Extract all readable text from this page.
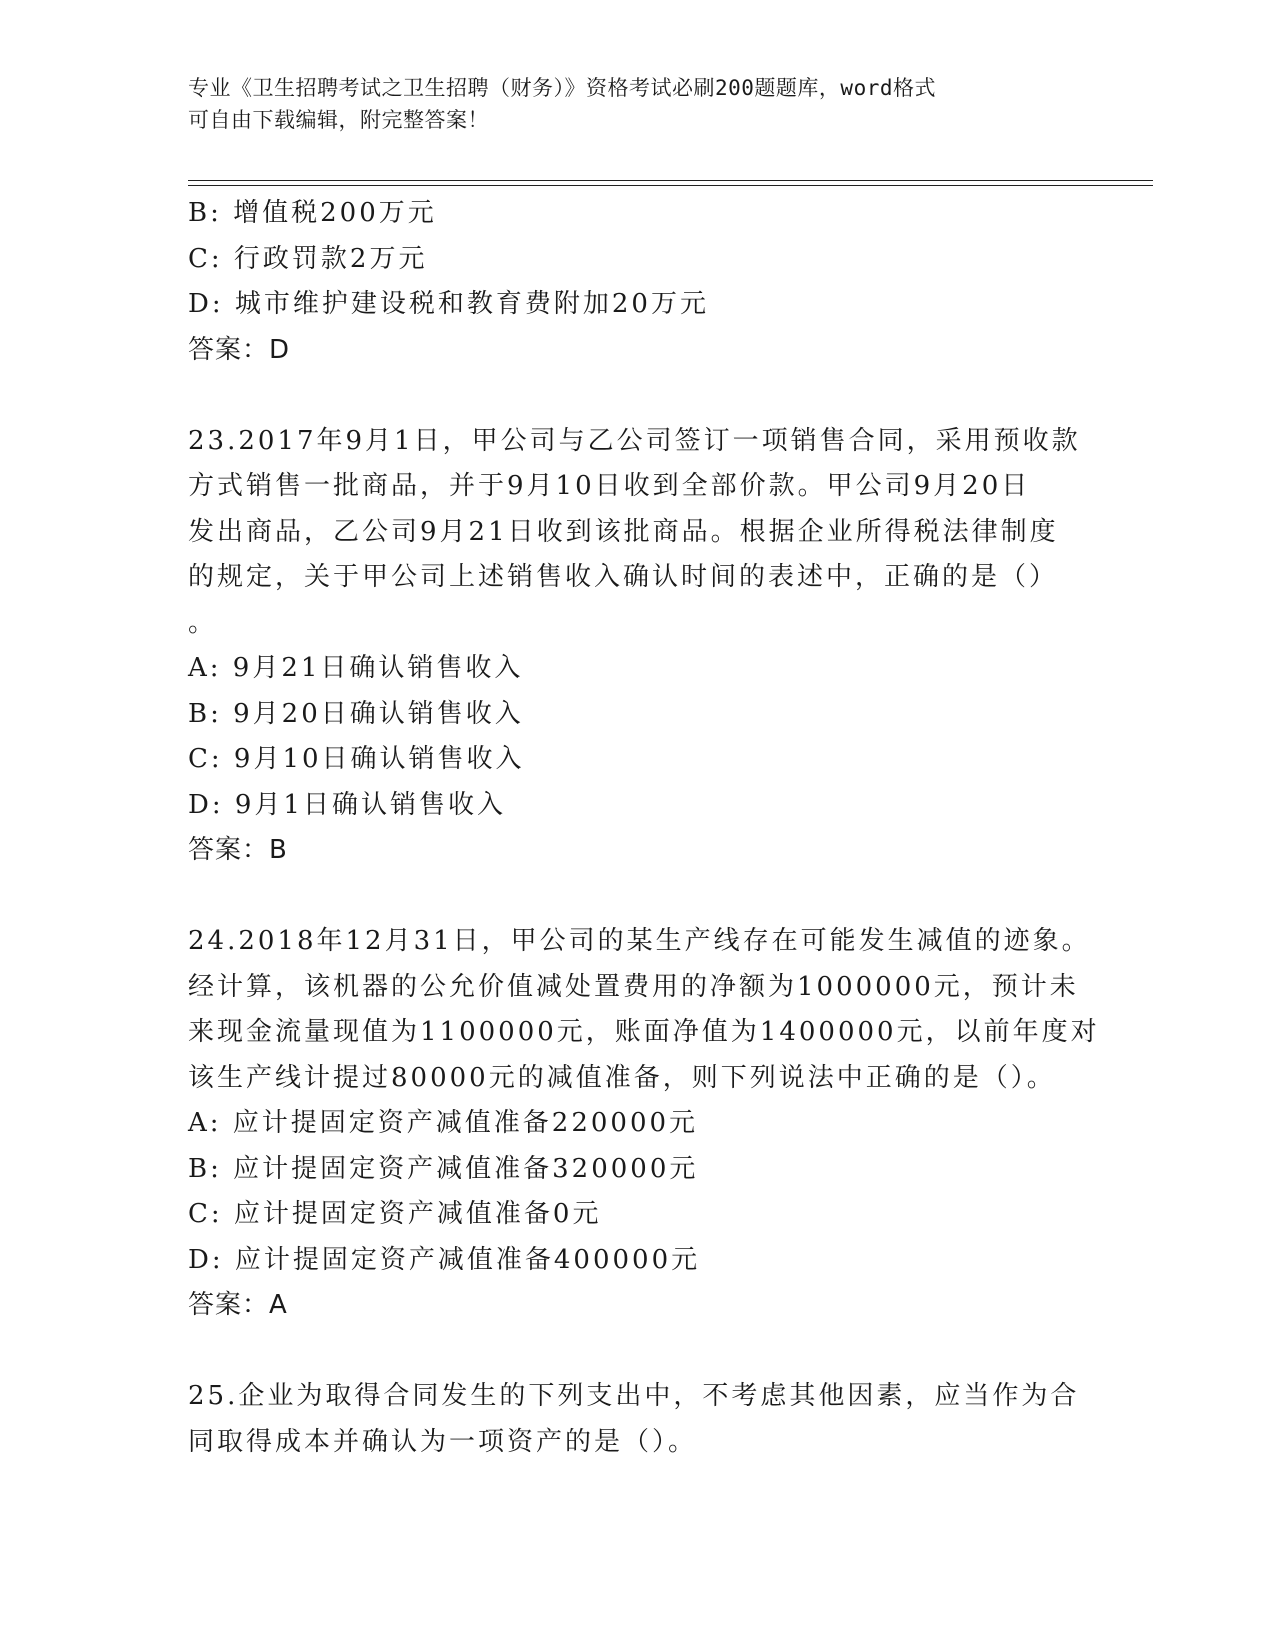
专业《卫生招聘考试之卫生招聘（财务）》资格考试必刷200题题库，word格式
可自由下载编辑，附完整答案！
B: 增值税200万元
C: 行政罚款2万元
D: 城市维护建设税和教育费附加20万元
答案：D
23.2017年9月1日，甲公司与乙公司签订一项销售合同，采用预收款
方式销售一批商品，并于9月10日收到全部价款。甲公司9月20日
发出商品，乙公司9月21日收到该批商品。根据企业所得税法律制度
的规定，关于甲公司上述销售收入确认时间的表述中，正确的是（）
。
A: 9月21日确认销售收入
B: 9月20日确认销售收入
C: 9月10日确认销售收入
D: 9月1日确认销售收入
答案：B
24.2018年12月31日，甲公司的某生产线存在可能发生减值的迹象。
经计算，该机器的公允价值减处置费用的净额为1000000元，预计未
来现金流量现值为1100000元，账面净值为1400000元，以前年度对
该生产线计提过80000元的减值准备，则下列说法中正确的是（）。
A: 应计提固定资产减值准备220000元
B: 应计提固定资产减值准备320000元
C: 应计提固定资产减值准备0元
D: 应计提固定资产减值准备400000元
答案：A
25.企业为取得合同发生的下列支出中，不考虑其他因素，应当作为合
同取得成本并确认为一项资产的是（）。
